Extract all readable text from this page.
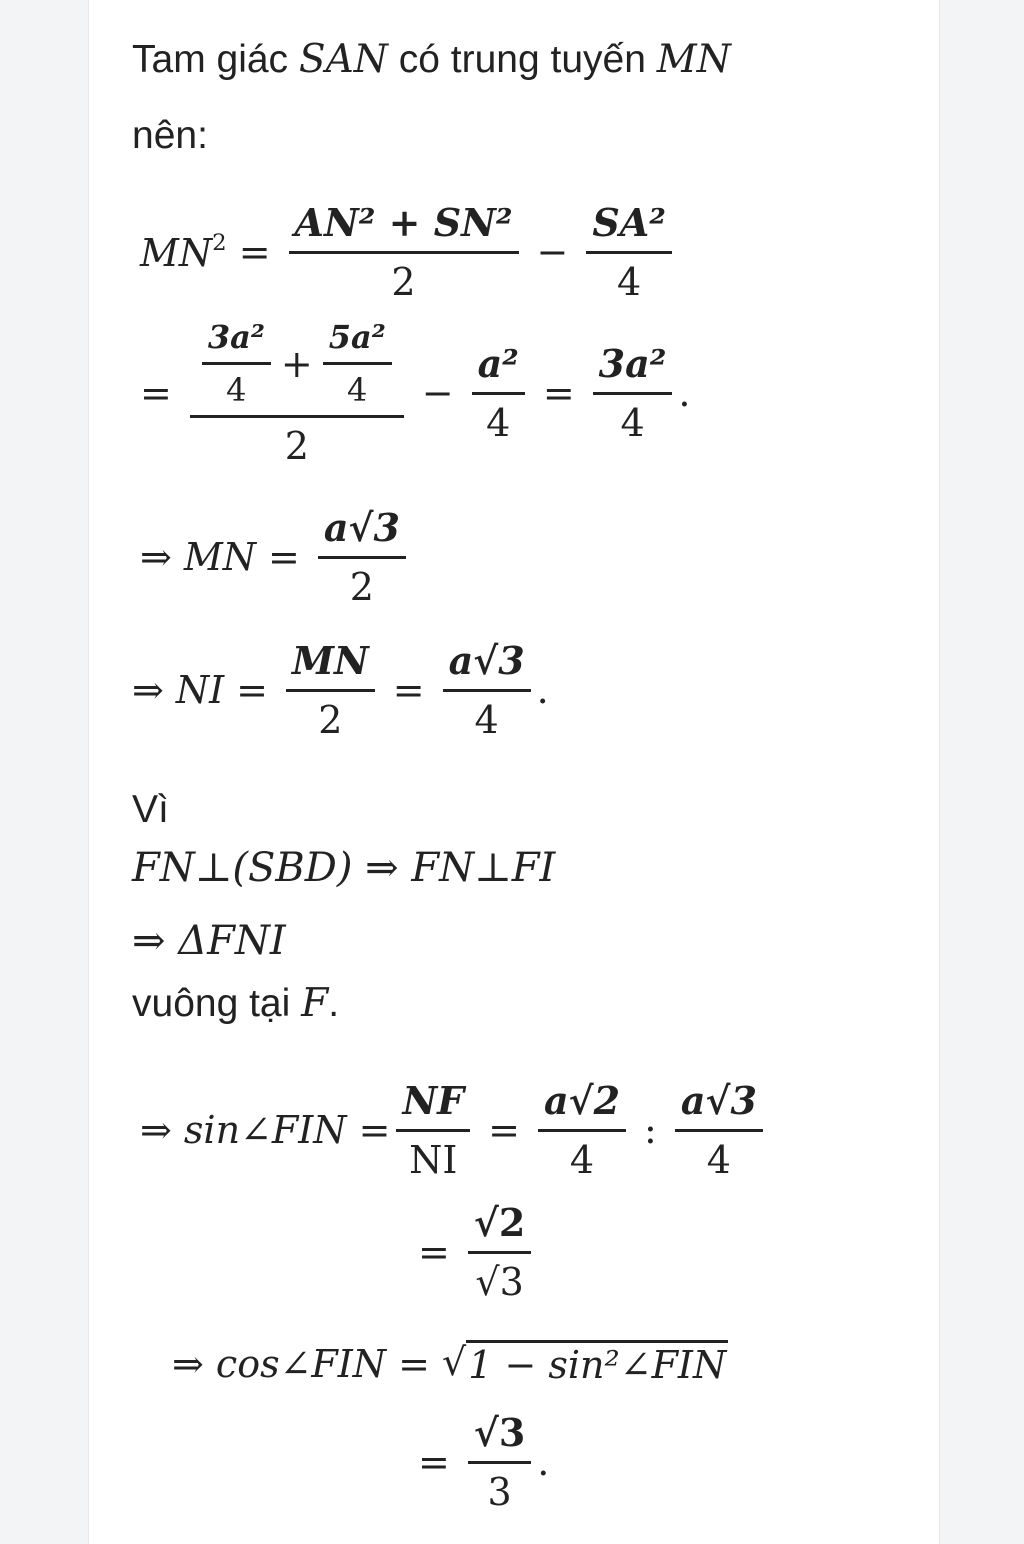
Tam giác SAN có trung tuyến MN
nên:
$MN^2 = \frac{\text{AN² + SN²}}{2} - \frac{\text{SA²}}{4}$
= $\frac{\frac{\text{3a²}}{4} + \frac{\text{5a²}}{4}}{2} - \frac{\text{a²}}{4} = \frac{\text{3a²}}{4}$ .
⇒ MN = $\frac{a√3}{2}$
⇒ NI = $\frac{MN}{2} = \frac{a√3}{4}$ .
Vì
FN⊥(SBD) ⇒ FN⊥FI
⇒ ΔFNI
vuông tại F.
⇒ sin∠FIN = $\frac{NF}{NI} = \frac{a√2}{4}$ : $\frac{a√3}{4}$
= $\frac{√2}{√3}$
⇒ cos∠FIN = √ 1 − sin²∠FIN
= $\frac{√3}{3}$ .
